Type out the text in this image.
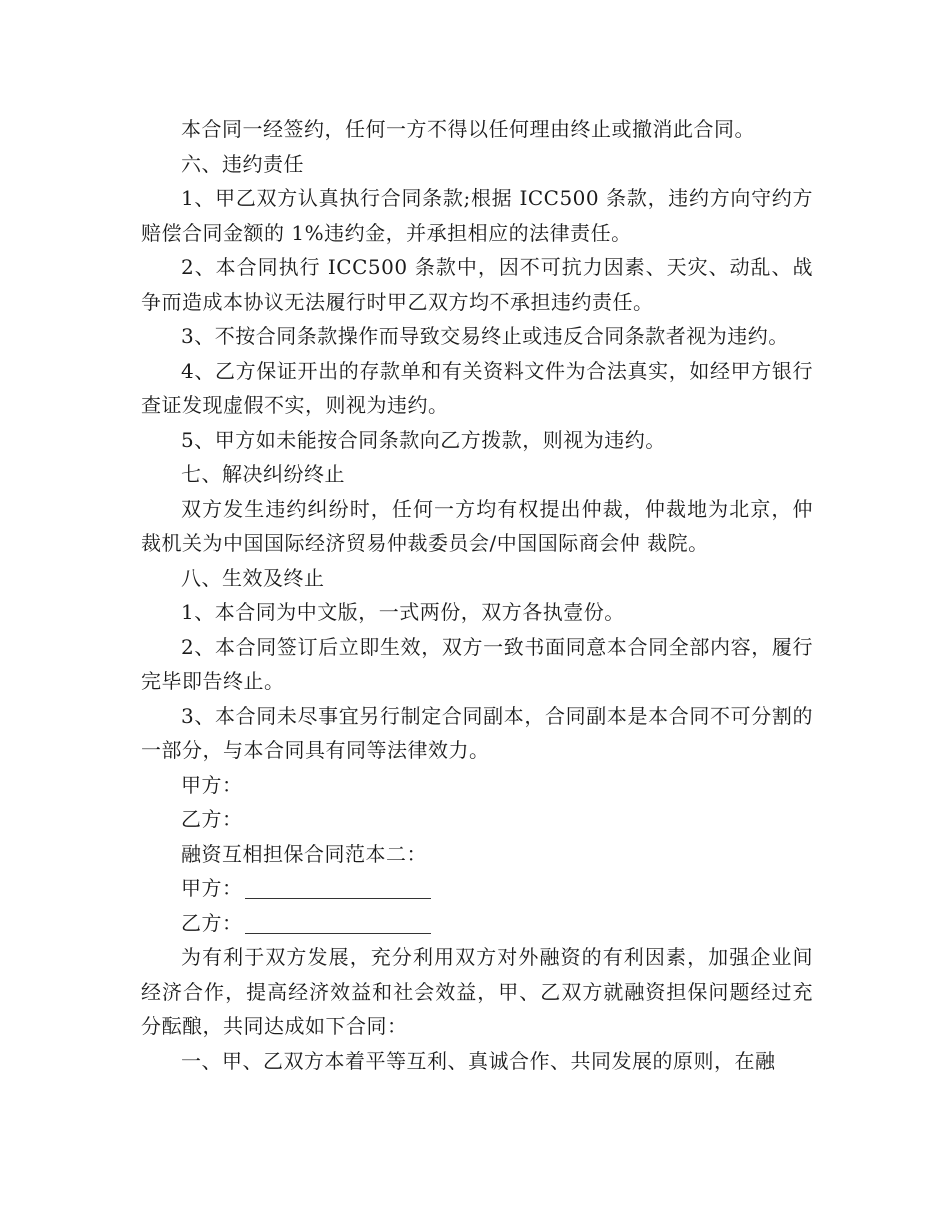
本合同一经签约，任何一方不得以任何理由终止或撤消此合同。

六、违约责任

1、甲乙双方认真执行合同条款;根据 ICC500 条款，违约方向守约方赔偿合同金额的 1%违约金，并承担相应的法律责任。

2、本合同执行 ICC500 条款中，因不可抗力因素、天灾、动乱、战争而造成本协议无法履行时甲乙双方均不承担违约责任。

3、不按合同条款操作而导致交易终止或违反合同条款者视为违约。

4、乙方保证开出的存款单和有关资料文件为合法真实，如经甲方银行查证发现虚假不实，则视为违约。

5、甲方如未能按合同条款向乙方拨款，则视为违约。

七、解决纠纷终止

双方发生违约纠纷时，任何一方均有权提出仲裁，仲裁地为北京，仲裁机关为中国国际经济贸易仲裁委员会/中国国际商会仲 裁院。

八、生效及终止

1、本合同为中文版，一式两份，双方各执壹份。

2、本合同签订后立即生效，双方一致书面同意本合同全部内容，履行完毕即告终止。

3、本合同未尽事宜另行制定合同副本，合同副本是本合同不可分割的一部分，与本合同具有同等法律效力。

甲方：

乙方：

融资互相担保合同范本二：

甲方：

乙方：

为有利于双方发展，充分利用双方对外融资的有利因素，加强企业间经济合作，提高经济效益和社会效益，甲、乙双方就融资担保问题经过充分酝酿，共同达成如下合同：

一、甲、乙双方本着平等互利、真诚合作、共同发展的原则，在融
